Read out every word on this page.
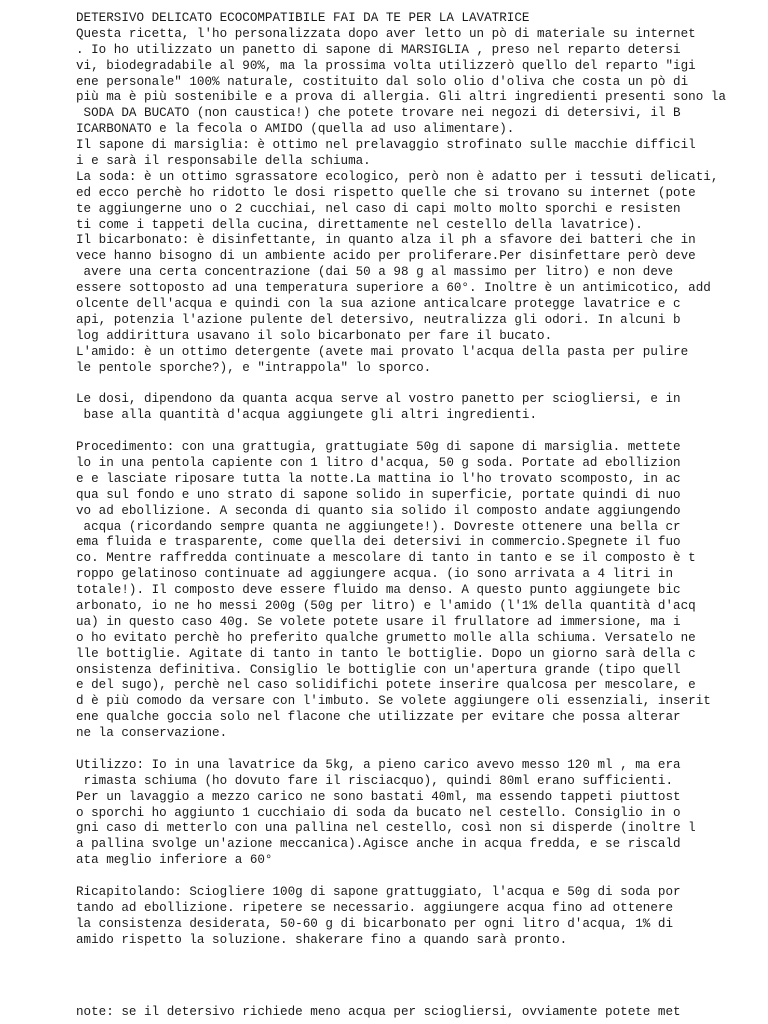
DETERSIVO DELICATO ECOCOMPATIBILE FAI DA TE PER LA LAVATRICE
Questa ricetta, l'ho personalizzata dopo aver letto un pò di materiale su internet
. Io ho utilizzato un panetto di sapone di MARSIGLIA , preso nel reparto detersi
vi, biodegradabile al 90%, ma la prossima volta utilizzerò quello del reparto "igi
ene personale" 100% naturale, costituito dal solo olio d'oliva che costa un pò di
più ma è più sostenibile e a prova di allergia. Gli altri ingredienti presenti sono la
SODA DA BUCATO (non caustica!) che potete trovare nei negozi di detersivi, il B
ICARBONATO e la fecola o AMIDO (quella ad uso alimentare).
Il sapone di marsiglia: è ottimo nel prelavaggio strofinato sulle macchie difficil
i e sarà il responsabile della schiuma.
La soda: è un ottimo sgrassatore ecologico, però non è adatto per i tessuti delicati,
ed ecco perchè ho ridotto le dosi rispetto quelle che si trovano su internet (pote
te aggiungerne uno o 2 cucchiai, nel caso di capi molto molto sporchi e resisten
ti come i tappeti della cucina, direttamente nel cestello della lavatrice).
Il bicarbonato: è disinfettante, in quanto alza il ph a sfavore dei batteri che in
vece hanno bisogno di un ambiente acido per proliferare.Per disinfettare però deve
avere una certa concentrazione (dai 50 a 98 g al massimo per litro) e non deve
essere sottoposto ad una temperatura superiore a 60°. Inoltre è un antimicotico, add
olcente dell'acqua e quindi con la sua azione anticalcare protegge lavatrice e c
api, potenzia l'azione pulente del detersivo, neutralizza gli odori. In alcuni b
log addirittura usavano il solo bicarbonato per fare il bucato.
L'amido: è un ottimo detergente (avete mai provato l'acqua della pasta per pulire
le pentole sporche?), e "intrappola" lo sporco.

Le dosi, dipendono da quanta acqua serve al vostro panetto per sciogliersi, e in
base alla quantità d'acqua aggiungete gli altri ingredienti.

Procedimento: con una grattugia, grattugiate 50g di sapone di marsiglia. mettete
lo in una pentola capiente con 1 litro d'acqua, 50 g soda. Portate ad ebollizion
e e lasciate riposare tutta la notte.La mattina io l'ho trovato scomposto, in ac
qua sul fondo e uno strato di sapone solido in superficie, portate quindi di nuo
vo ad ebollizione. A seconda di quanto sia solido il composto andate aggiungendo
acqua (ricordando sempre quanta ne aggiungete!). Dovreste ottenere una bella cr
ema fluida e trasparente, come quella dei detersivi in commercio.Spegnete il fuo
co. Mentre raffredda continuate a mescolare di tanto in tanto e se il composto è t
roppo gelatinoso continuate ad aggiungere acqua. (io sono arrivata a 4 litri in
totale!). Il composto deve essere fluido ma denso. A questo punto aggiungete bic
arbonato, io ne ho messi 200g (50g per litro) e l'amido (l'1% della quantità d'acq
ua) in questo caso 40g. Se volete potete usare il frullatore ad immersione, ma i
o ho evitato perchè ho preferito qualche grumetto molle alla schiuma. Versatelo ne
lle bottiglie. Agitate di tanto in tanto le bottiglie. Dopo un giorno sarà della c
onsistenza definitiva. Consiglio le bottiglie con un'apertura grande (tipo quell
e del sugo), perchè nel caso solidifichi potete inserire qualcosa per mescolare, e
d è più comodo da versare con l'imbuto. Se volete aggiungere oli essenziali, inserit
ene qualche goccia solo nel flacone che utilizzate per evitare che possa alterar
ne la conservazione.

Utilizzo: Io in una lavatrice da 5kg, a pieno carico avevo messo 120 ml , ma era
rimasta schiuma (ho dovuto fare il risciacquo), quindi 80ml erano sufficienti.
Per un lavaggio a mezzo carico ne sono bastati 40ml, ma essendo tappeti piuttost
o sporchi ho aggiunto 1 cucchiaio di soda da bucato nel cestello. Consiglio in o
gni caso di metterlo con una pallina nel cestello, così non si disperde (inoltre l
a pallina svolge un'azione meccanica).Agisce anche in acqua fredda, e se riscald
ata meglio inferiore a 60°

Ricapitolando: Sciogliere 100g di sapone grattuggiato, l'acqua e 50g di soda por
tando ad ebollizione. ripetere se necessario. aggiungere acqua fino ad ottenere
la consistenza desiderata, 50-60 g di bicarbonato per ogni litro d'acqua, 1% di
amido rispetto la soluzione. shakerare fino a quando sarà pronto.
note: se il detersivo richiede meno acqua per sciogliersi, ovviamente potete met
